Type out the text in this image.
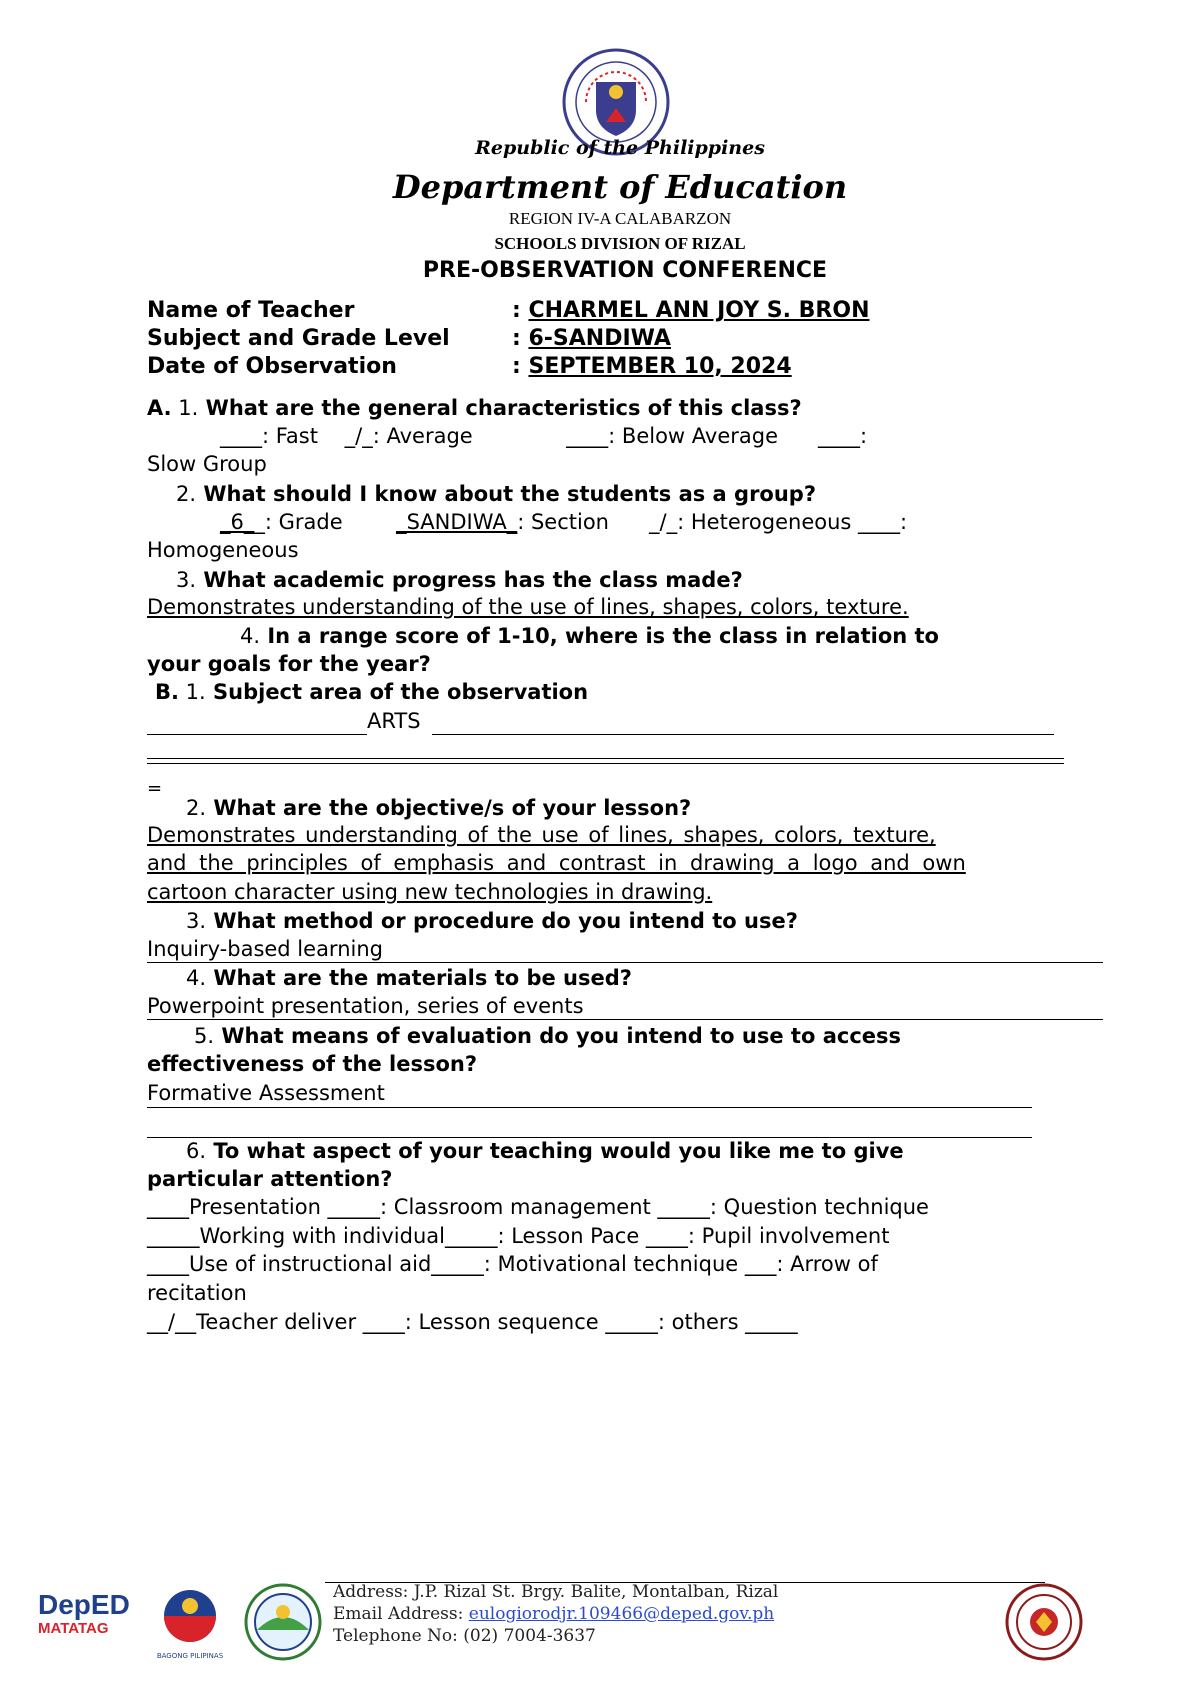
Republic of the Philippines
Department of Education
REGION IV-A CALABARZON
SCHOOLS DIVISION OF RIZAL
PRE-OBSERVATION CONFERENCE
Name of Teacher	: CHARMEL ANN JOY S. BRON
Subject and Grade Level	: 6-SANDIWA
Date of Observation	: SEPTEMBER 10, 2024
A. 1. What are the general characteristics of this class?
____: Fast    _/_: Average              ____: Below Average      ____:
Slow Group
2. What should I know about the students as a group?
_6__: Grade	_SANDIWA_: Section _/_: Heterogeneous ____:
Homogeneous
3. What academic progress has the class made?
Demonstrates understanding of the use of lines, shapes, colors, texture.
4. In a range score of 1-10, where is the class in relation to
your goals for the year?
B. 1. Subject area of the observation
ARTS
=
2. What are the objective/s of your lesson?
Demonstrates understanding of the use of lines, shapes, colors, texture,
and the principles of emphasis and contrast in drawing a logo and own
cartoon character using new technologies in drawing.
3. What method or procedure do you intend to use?
Inquiry-based learning
4. What are the materials to be used?
Powerpoint presentation, series of events
5. What means of evaluation do you intend to use to access
effectiveness of the lesson?
Formative Assessment
6. To what aspect of your teaching would you like me to give
particular attention?
____Presentation _____: Classroom management _____: Question technique
_____Working with individual_____: Lesson Pace ____: Pupil involvement
____Use of instructional aid_____: Motivational technique ___: Arrow of
recitation
__/__Teacher deliver ____: Lesson sequence _____: others _____
DepED
MATATAG
BAGONG PILIPINAS
Address: J.P. Rizal St. Brgy. Balite, Montalban, Rizal
Email Address: eulogiorodjr.109466@deped.gov.ph
Telephone No: (02) 7004-3637
